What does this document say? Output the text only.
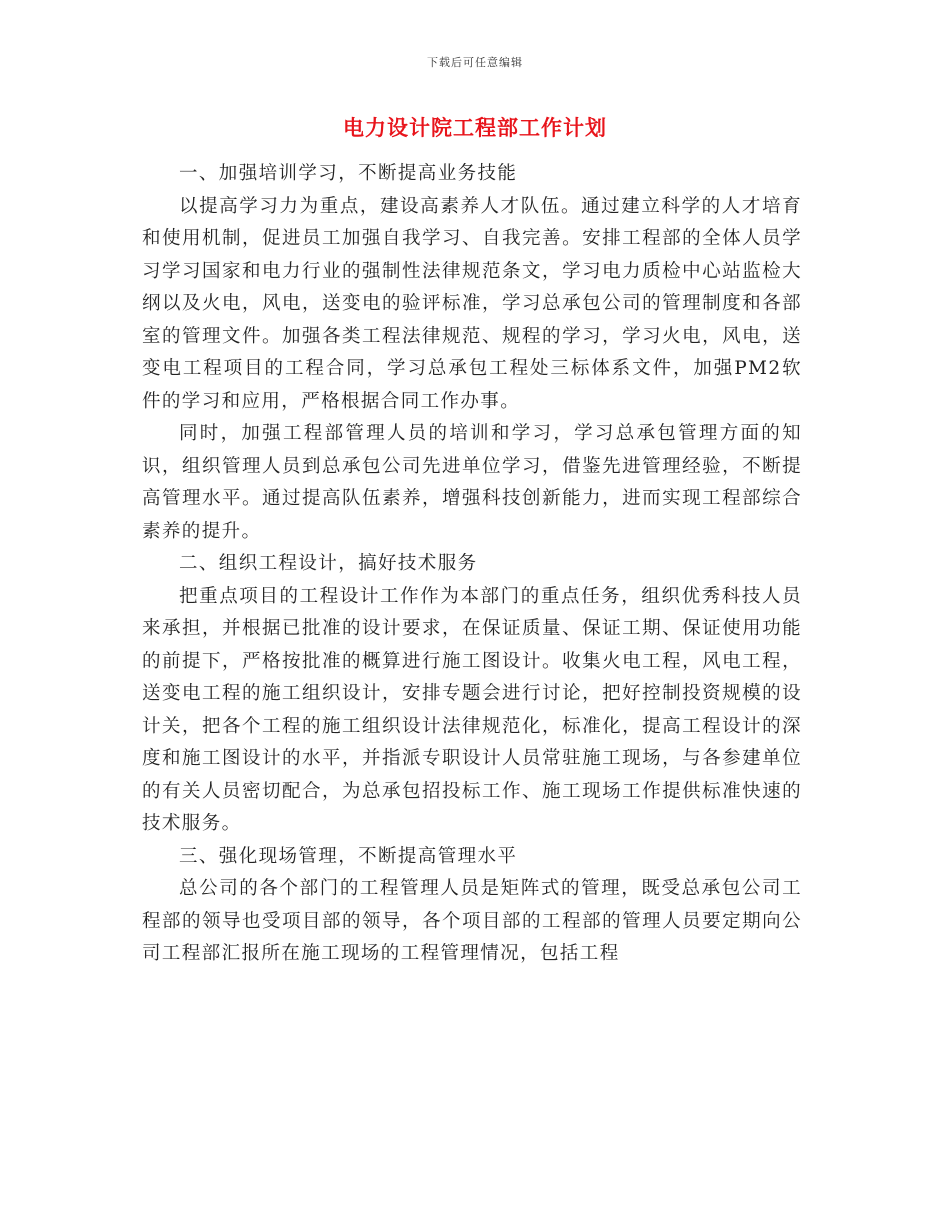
下载后可任意编辑
电力设计院工程部工作计划

一、加强培训学习，不断提高业务技能

以提高学习力为重点，建设高素养人才队伍。通过建立科学的人才培育和使用机制，促进员工加强自我学习、自我完善。安排工程部的全体人员学习学习国家和电力行业的强制性法律规范条文，学习电力质检中心站监检大纲以及火电，风电，送变电的验评标准，学习总承包公司的管理制度和各部室的管理文件。加强各类工程法律规范、规程的学习，学习火电，风电，送变电工程项目的工程合同，学习总承包工程处三标体系文件，加强PM2软件的学习和应用，严格根据合同工作办事。

同时，加强工程部管理人员的培训和学习，学习总承包管理方面的知识，组织管理人员到总承包公司先进单位学习，借鉴先进管理经验，不断提高管理水平。通过提高队伍素养，增强科技创新能力，进而实现工程部综合素养的提升。

二、组织工程设计，搞好技术服务

把重点项目的工程设计工作作为本部门的重点任务，组织优秀科技人员来承担，并根据已批准的设计要求，在保证质量、保证工期、保证使用功能的前提下，严格按批准的概算进行施工图设计。收集火电工程，风电工程，送变电工程的施工组织设计，安排专题会进行讨论，把好控制投资规模的设计关，把各个工程的施工组织设计法律规范化，标准化，提高工程设计的深度和施工图设计的水平，并指派专职设计人员常驻施工现场，与各参建单位的有关人员密切配合，为总承包招投标工作、施工现场工作提供标准快速的技术服务。

三、强化现场管理，不断提高管理水平

总公司的各个部门的工程管理人员是矩阵式的管理，既受总承包公司工程部的领导也受项目部的领导，各个项目部的工程部的管理人员要定期向公司工程部汇报所在施工现场的工程管理情况，包括工程
